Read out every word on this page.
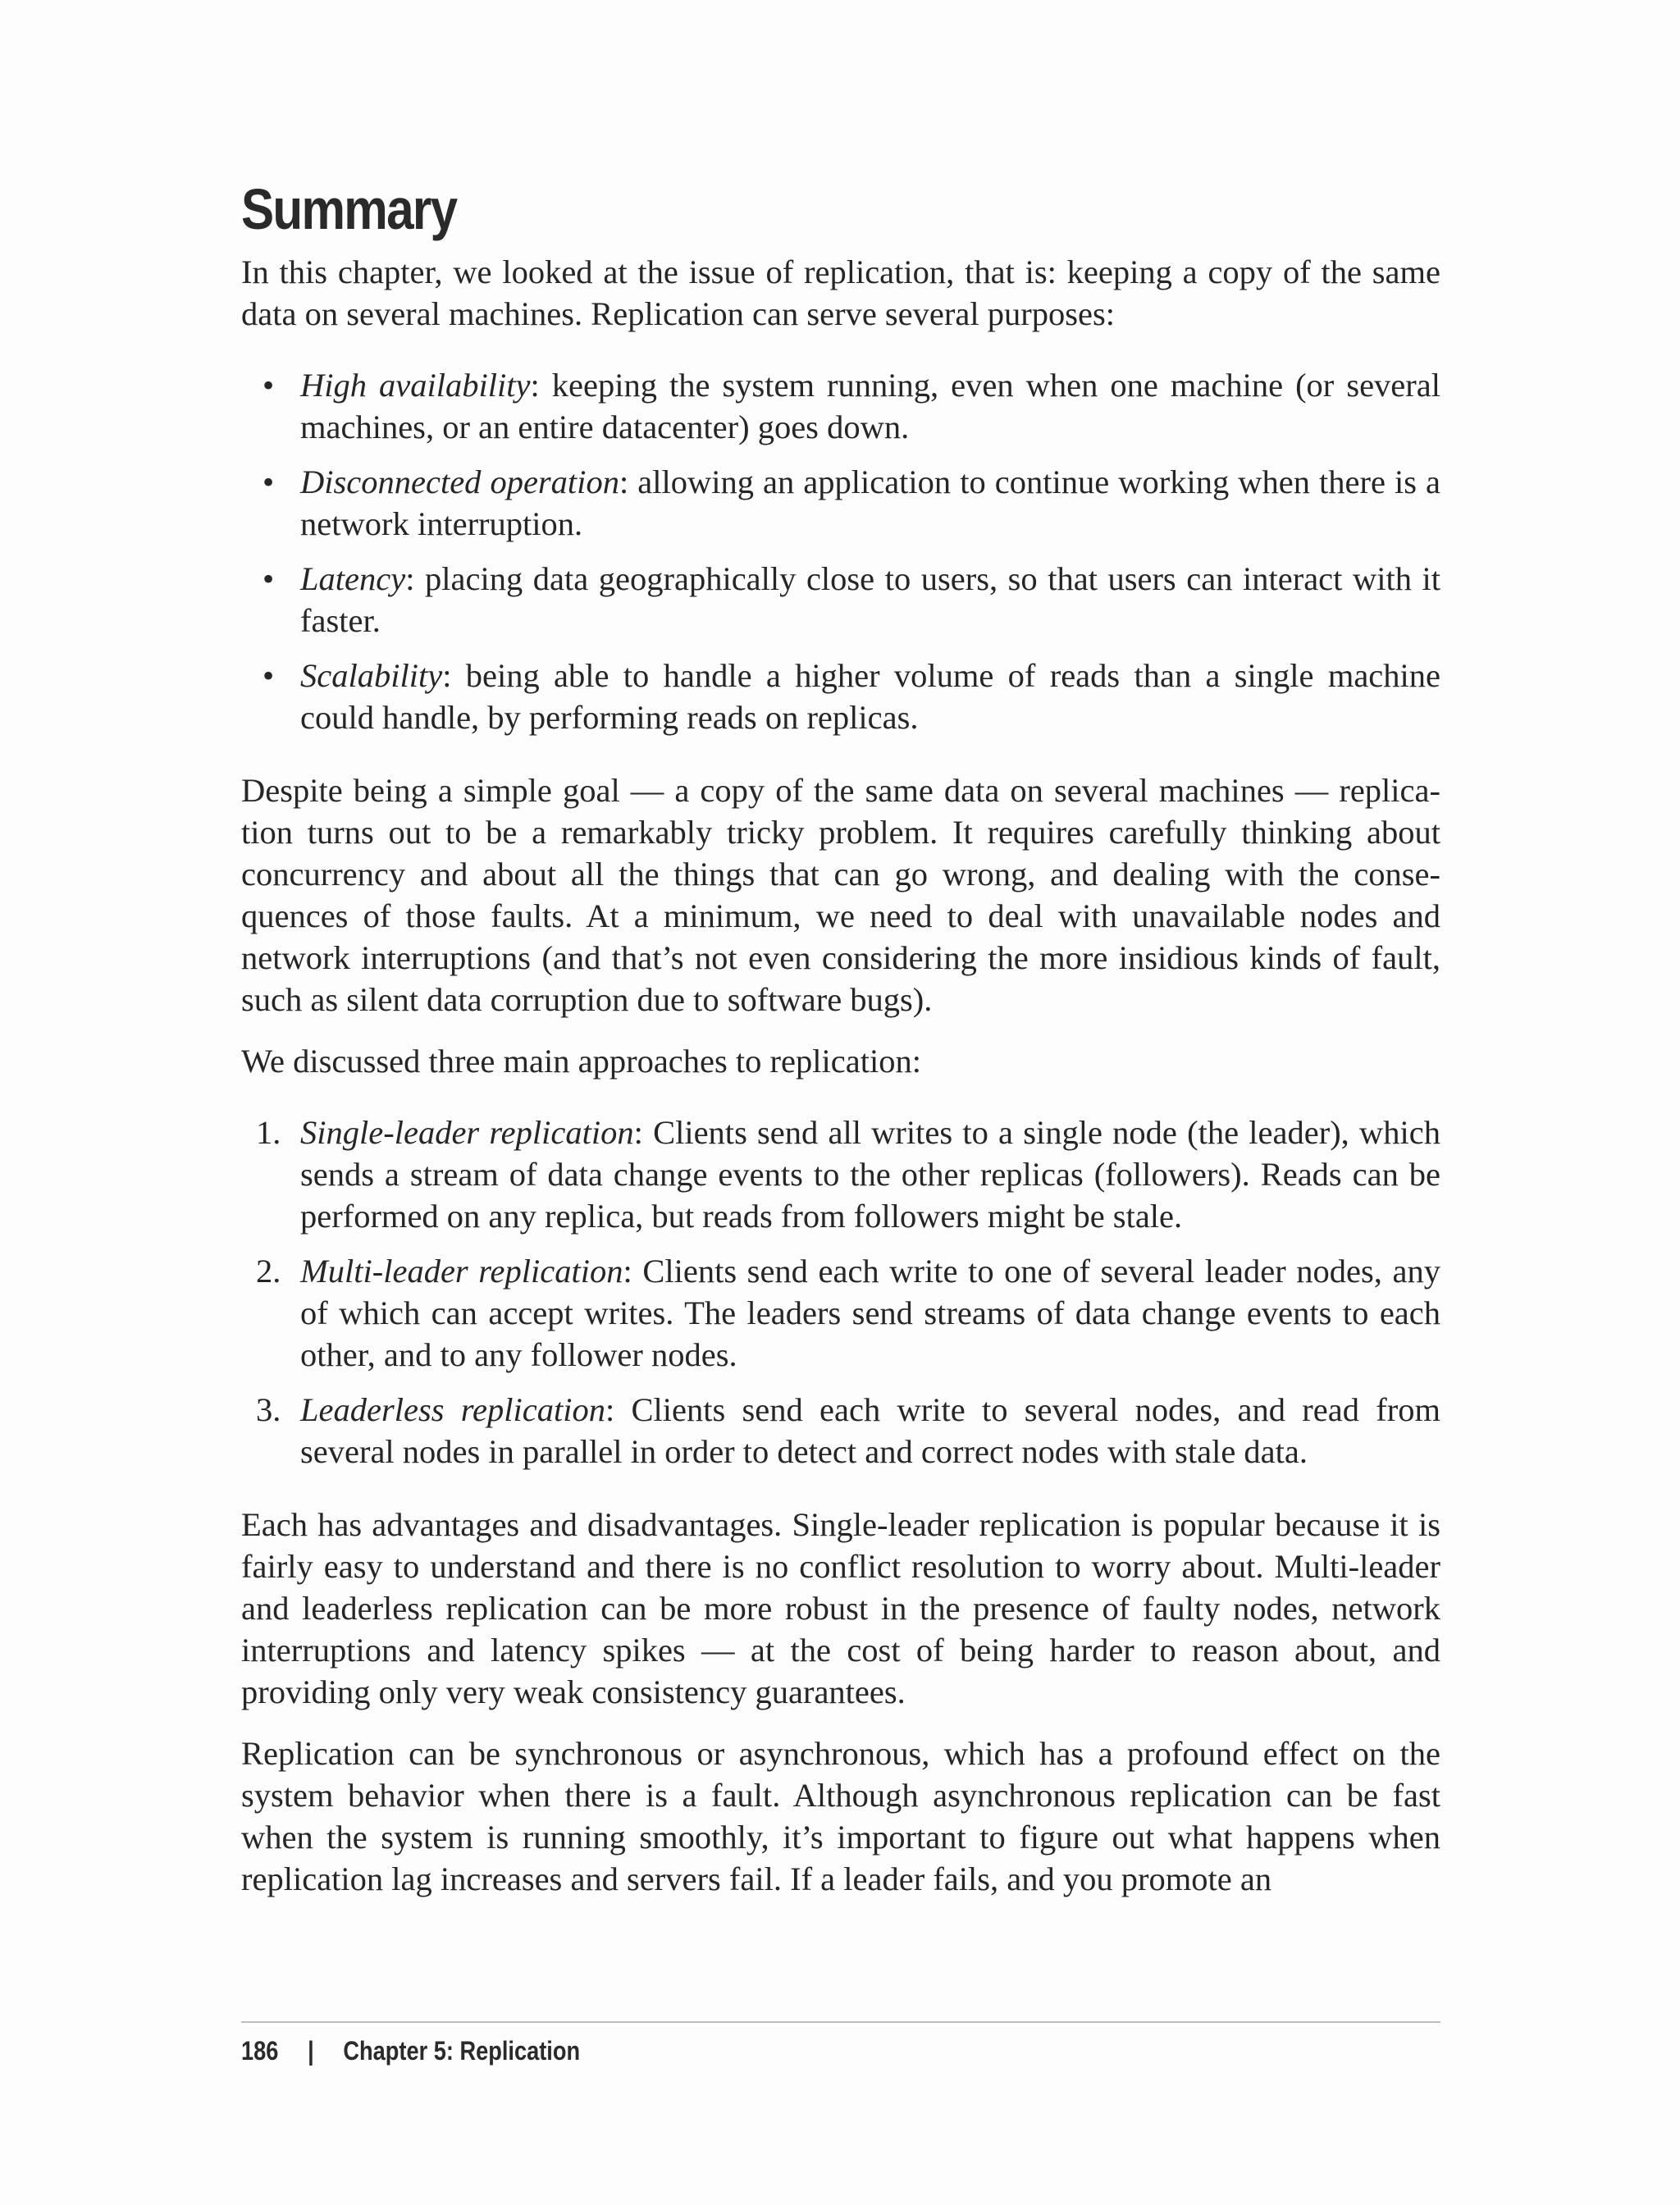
Summary

In this chapter, we looked at the issue of replication, that is: keeping a copy of the same data on several machines. Replication can serve several purposes:

• High availability: keeping the system running, even when one machine (or several machines, or an entire datacenter) goes down.
• Disconnected operation: allowing an application to continue working when there is a network interruption.
• Latency: placing data geographically close to users, so that users can interact with it faster.
• Scalability: being able to handle a higher volume of reads than a single machine could handle, by performing reads on replicas.

Despite being a simple goal — a copy of the same data on several machines — replication turns out to be a remarkably tricky problem. It requires carefully thinking about concurrency and about all the things that can go wrong, and dealing with the consequences of those faults. At a minimum, we need to deal with unavailable nodes and network interruptions (and that’s not even considering the more insidious kinds of fault, such as silent data corruption due to software bugs).

We discussed three main approaches to replication:

1. Single-leader replication: Clients send all writes to a single node (the leader), which sends a stream of data change events to the other replicas (followers). Reads can be performed on any replica, but reads from followers might be stale.
2. Multi-leader replication: Clients send each write to one of several leader nodes, any of which can accept writes. The leaders send streams of data change events to each other, and to any follower nodes.
3. Leaderless replication: Clients send each write to several nodes, and read from several nodes in parallel in order to detect and correct nodes with stale data.

Each has advantages and disadvantages. Single-leader replication is popular because it is fairly easy to understand and there is no conflict resolution to worry about. Multi-leader and leaderless replication can be more robust in the presence of faulty nodes, network interruptions and latency spikes — at the cost of being harder to reason about, and providing only very weak consistency guarantees.

Replication can be synchronous or asynchronous, which has a profound effect on the system behavior when there is a fault. Although asynchronous replication can be fast when the system is running smoothly, it’s important to figure out what happens when replication lag increases and servers fail. If a leader fails, and you promote an

186 | Chapter 5: Replication
